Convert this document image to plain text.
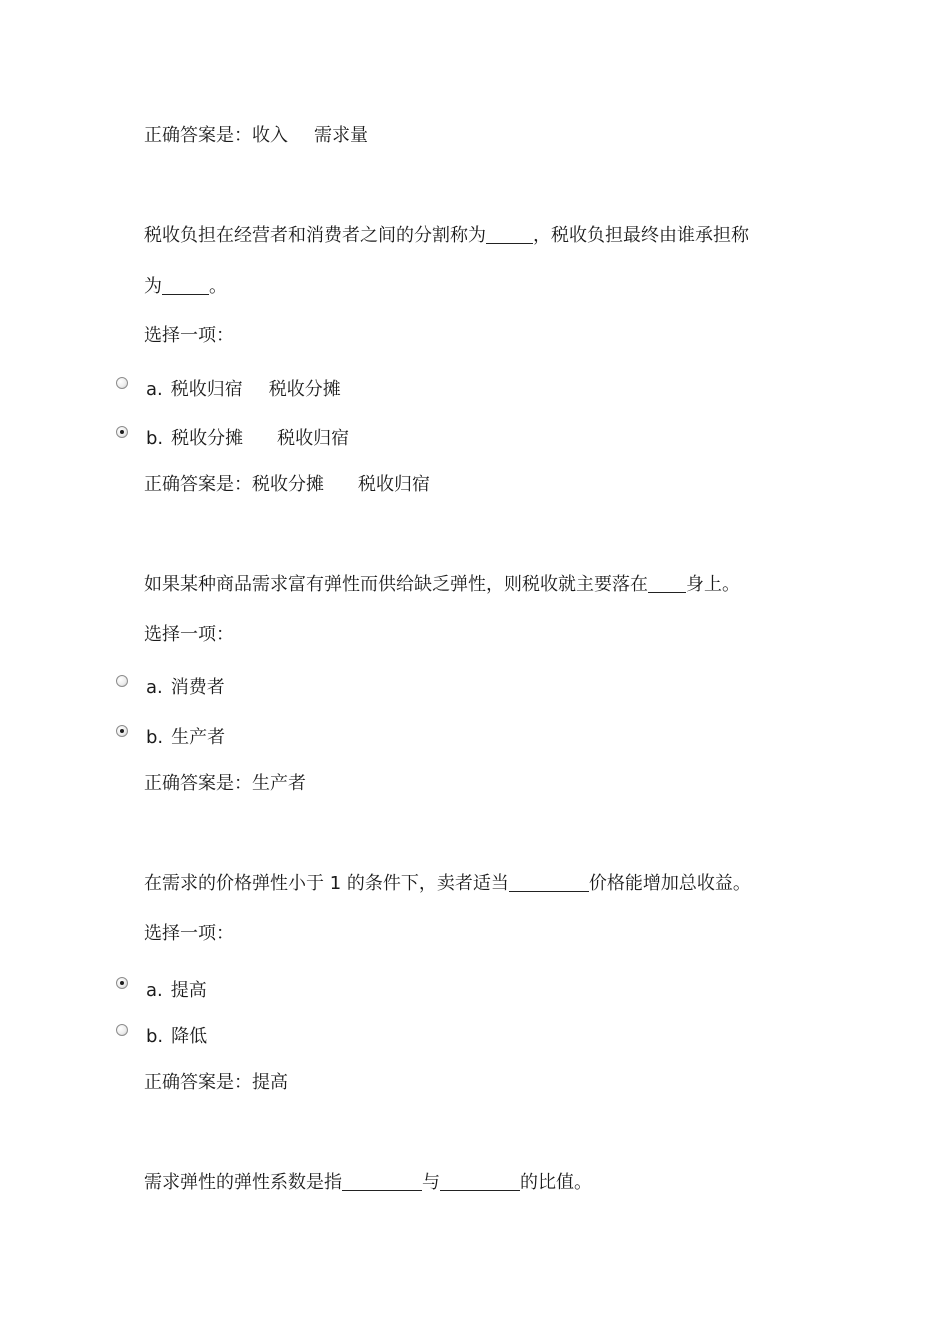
正确答案是：收入 需求量
税收负担在经营者和消费者之间的分割称为	，税收负担最终由谁承担称
为	。
选择一项：
a. 税收归宿 税收分摊
b. 税收分摊 税收归宿
正确答案是：税收分摊 税收归宿
如果某种商品需求富有弹性而供给缺乏弹性，则税收就主要落在 身上。
选择一项：
a. 消费者
b. 生产者
正确答案是：生产者
在需求的价格弹性小于 1 的条件下，卖者适当	价格能增加总收益。
选择一项：
a. 提高
b. 降低
正确答案是：提高
需求弹性的弹性系数是指	与	的比值。
